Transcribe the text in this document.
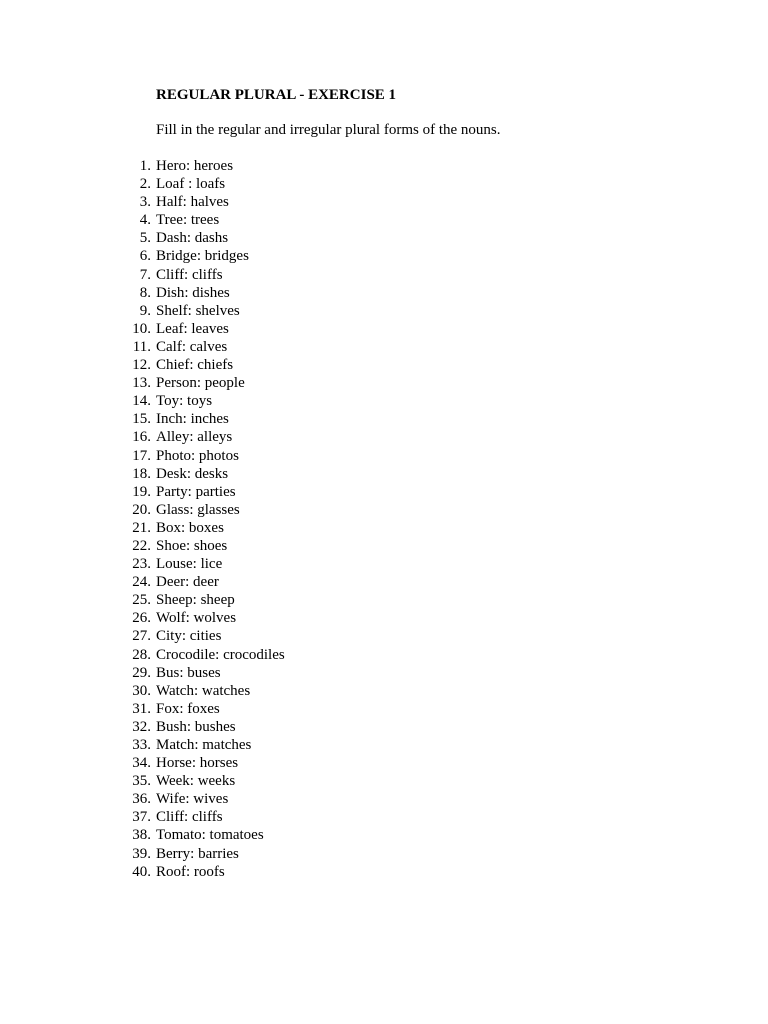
REGULAR PLURAL - EXERCISE 1
Fill in the regular and irregular plural forms of the nouns.
1. Hero: heroes
2. Loaf : loafs
3. Half: halves
4. Tree: trees
5. Dash: dashs
6. Bridge: bridges
7. Cliff: cliffs
8. Dish: dishes
9. Shelf: shelves
10. Leaf: leaves
11. Calf: calves
12. Chief: chiefs
13. Person: people
14. Toy: toys
15. Inch: inches
16. Alley: alleys
17. Photo: photos
18. Desk: desks
19. Party: parties
20. Glass: glasses
21. Box: boxes
22. Shoe: shoes
23. Louse: lice
24. Deer: deer
25. Sheep: sheep
26. Wolf: wolves
27. City: cities
28. Crocodile: crocodiles
29. Bus: buses
30. Watch: watches
31. Fox: foxes
32. Bush: bushes
33. Match: matches
34. Horse: horses
35. Week: weeks
36. Wife: wives
37. Cliff: cliffs
38. Tomato: tomatoes
39. Berry: barries
40. Roof: roofs
